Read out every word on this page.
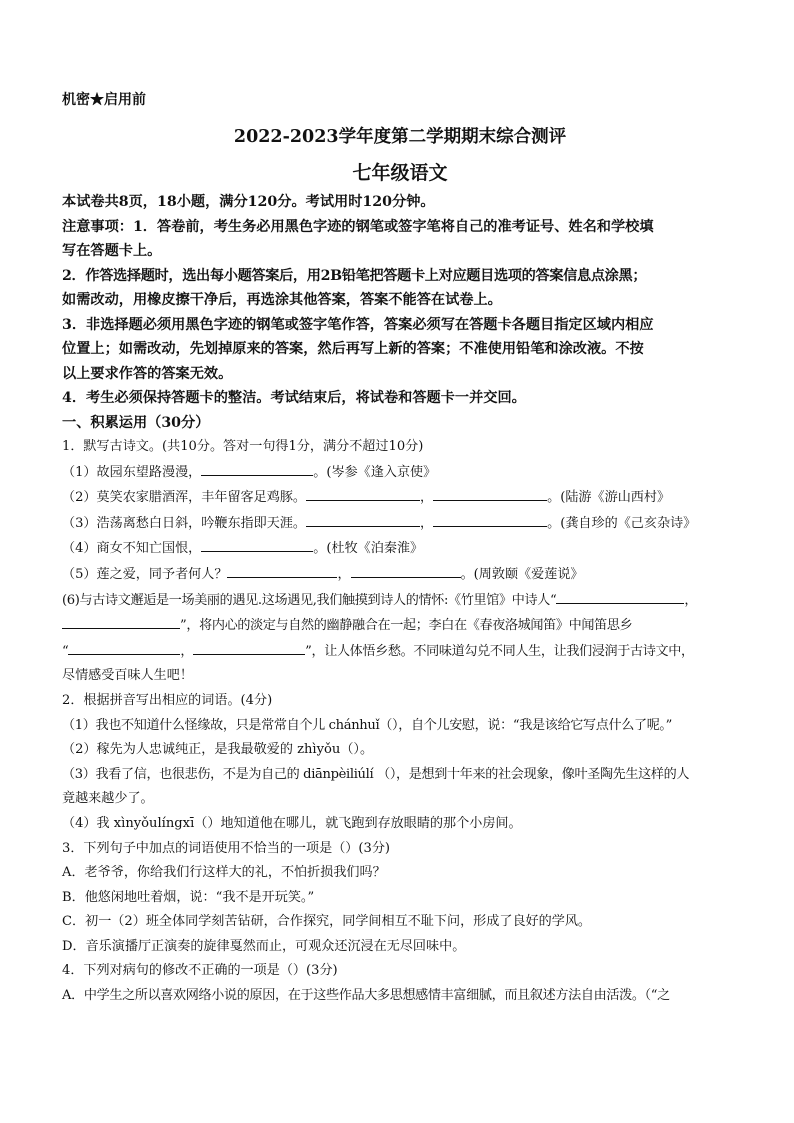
机密★启用前
2022-2023学年度第二学期期末综合测评
七年级语文
本试卷共8页，18小题，满分120分。考试用时120分钟。
注意事项：1．答卷前，考生务必用黑色字迹的钢笔或签字笔将自己的准考证号、姓名和学校填
写在答题卡上。
2．作答选择题时，选出每小题答案后，用2B铅笔把答题卡上对应题目选项的答案信息点涂黑；
如需改动，用橡皮擦干净后，再选涂其他答案，答案不能答在试卷上。
3．非选择题必须用黑色字迹的钢笔或签字笔作答，答案必须写在答题卡各题目指定区域内相应
位置上；如需改动，先划掉原来的答案，然后再写上新的答案；不准使用铅笔和涂改液。不按
以上要求作答的答案无效。
4．考生必须保持答题卡的整洁。考试结束后，将试卷和答题卡一并交回。
一、积累运用（30分）
1．默写古诗文。(共10分。答对一句得1分，满分不超过10分)
（1）故园东望路漫漫，	。(岑参《逢入京使》
（2）莫笑农家腊酒浑，丰年留客足鸡豚。	，	。(陆游《游山西村》
（3）浩荡离愁白日斜，吟鞭东指即天涯。	，	。(龚自珍的《己亥杂诗》
（4）商女不知亡国恨，	。(杜牧《泊秦淮》
（5）莲之爱，同予者何人？	，	。(周敦颐《爱莲说》
(6)与古诗文邂逅是一场美丽的遇见.这场遇见,我们触摸到诗人的情怀:《竹里馆》中诗人“	，
”，将内心的淡定与自然的幽静融合在一起；李白在《春夜洛城闻笛》中闻笛思乡
“	，	”，让人体悟乡愁。不同味道勾兑不同人生，让我们浸润于古诗文中，
尽情感受百味人生吧！
2．根据拼音写出相应的词语。(4分)
（1）我也不知道什么怪缘故，只是常常自个儿 chánhuǐ（），自个儿安慰，说：“我是该给它写点什么了呢。”
（2）稼先为人忠诚纯正，是我最敬爱的 zhìyǒu（）。
（3）我看了信，也很悲伤，不是为自己的 diānpèiliúlí （），是想到十年来的社会现象，像叶圣陶先生这样的人
竟越来越少了。
（4）我 xìnyǒulíngxī（）地知道他在哪儿，就飞跑到存放眼睛的那个小房间。
3．下列句子中加点的词语使用不恰当的一项是（）(3分)
A．老爷爷，你给我们行这样大的礼，不怕折损我们吗？
B．他悠闲地吐着烟，说：“我不是开玩笑。”
C．初一（2）班全体同学刻苦钻研，合作探究，同学间相互不耻下问，形成了良好的学风。
D．音乐演播厅正演奏的旋律戛然而止，可观众还沉浸在无尽回味中。
4．下列对病句的修改不正确的一项是（）(3分)
A．中学生之所以喜欢网络小说的原因，在于这些作品大多思想感情丰富细腻，而且叙述方法自由活泼。（“之
